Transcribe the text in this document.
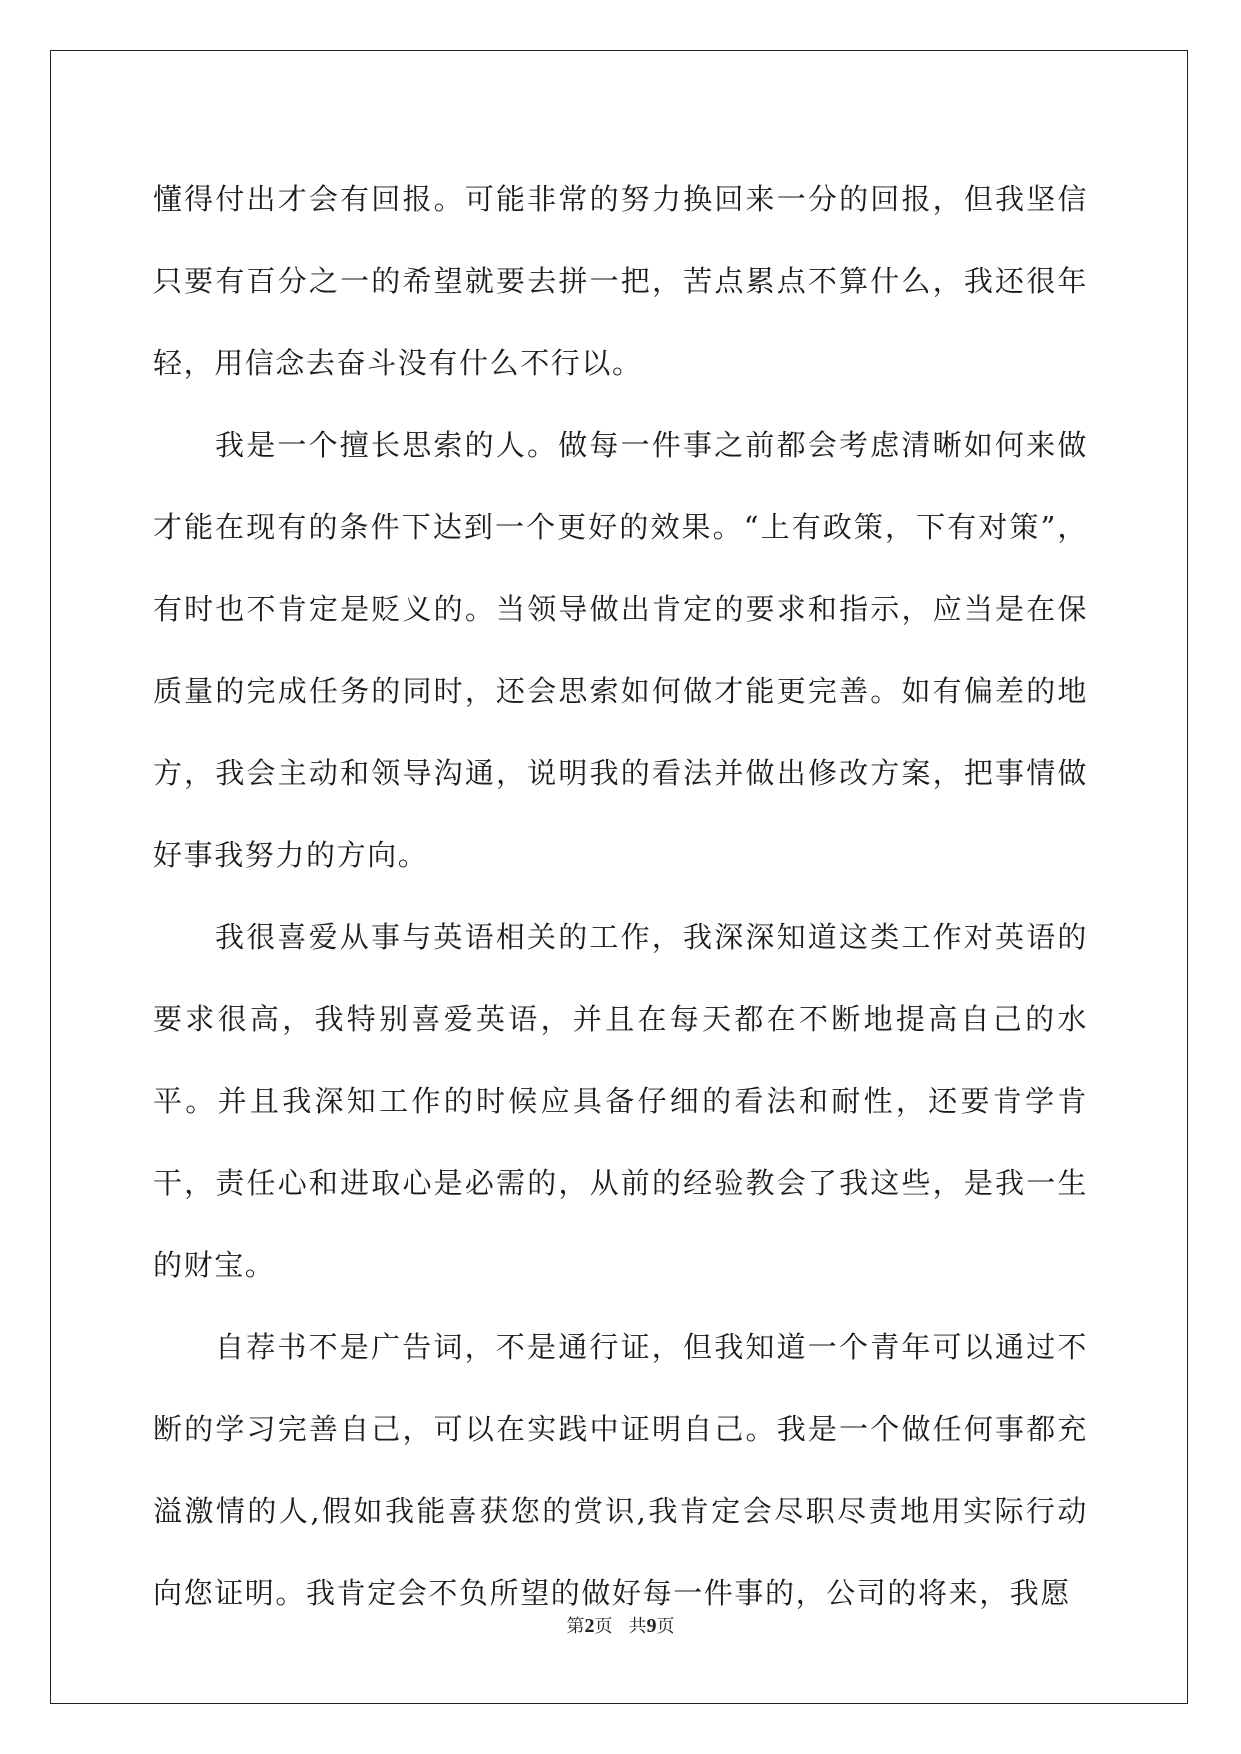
懂得付出才会有回报。可能非常的努力换回来一分的回报，但我坚信只要有百分之一的希望就要去拼一把，苦点累点不算什么，我还很年轻，用信念去奋斗没有什么不行以。

我是一个擅长思索的人。做每一件事之前都会考虑清晰如何来做才能在现有的条件下达到一个更好的效果。“上有政策，下有对策”，有时也不肯定是贬义的。当领导做出肯定的要求和指示，应当是在保质量的完成任务的同时，还会思索如何做才能更完善。如有偏差的地方，我会主动和领导沟通，说明我的看法并做出修改方案，把事情做好事我努力的方向。

我很喜爱从事与英语相关的工作，我深深知道这类工作对英语的要求很高，我特别喜爱英语，并且在每天都在不断地提高自己的水平。并且我深知工作的时候应具备仔细的看法和耐性，还要肯学肯干，责任心和进取心是必需的，从前的经验教会了我这些，是我一生的财宝。

自荐书不是广告词，不是通行证，但我知道一个青年可以通过不断的学习完善自己，可以在实践中证明自己。我是一个做任何事都充溢激情的人,假如我能喜获您的赏识,我肯定会尽职尽责地用实际行动向您证明。我肯定会不负所望的做好每一件事的，公司的将来，我愿

第2页 共9页
